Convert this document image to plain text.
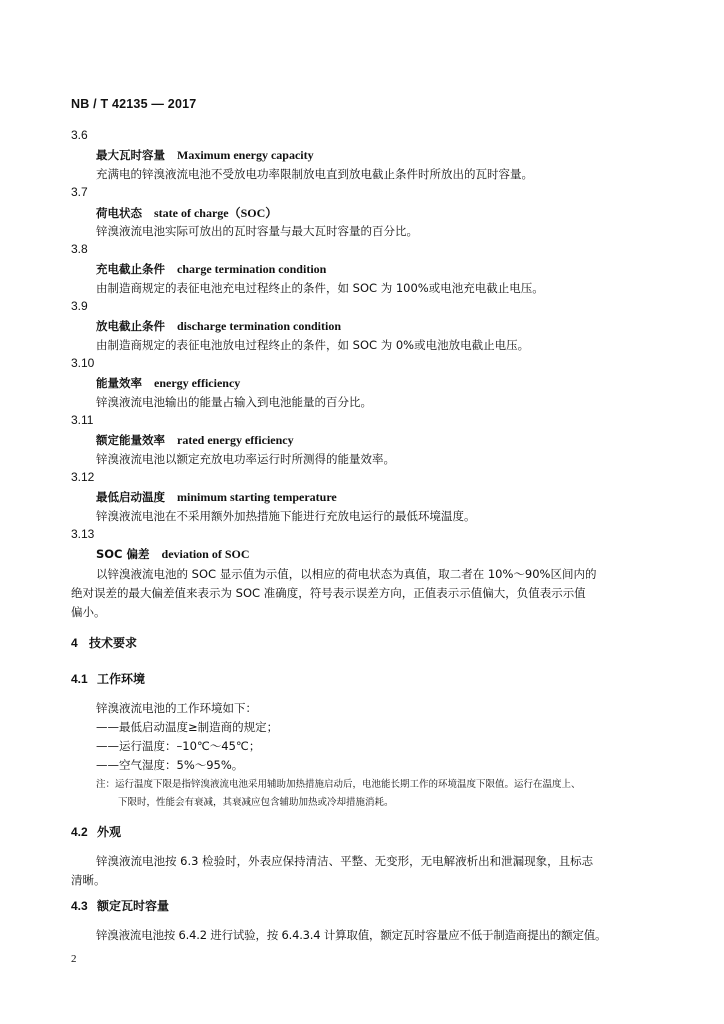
NB / T 42135 — 2017
3.6
最大瓦时容量 Maximum energy capacity
充满电的锌溴液流电池不受放电功率限制放电直到放电截止条件时所放出的瓦时容量。
3.7
荷电状态 state of charge（SOC）
锌溴液流电池实际可放出的瓦时容量与最大瓦时容量的百分比。
3.8
充电截止条件 charge termination condition
由制造商规定的表征电池充电过程终止的条件，如 SOC 为 100%或电池充电截止电压。
3.9
放电截止条件 discharge termination condition
由制造商规定的表征电池放电过程终止的条件，如 SOC 为 0%或电池放电截止电压。
3.10
能量效率 energy efficiency
锌溴液流电池输出的能量占输入到电池能量的百分比。
3.11
额定能量效率 rated energy efficiency
锌溴液流电池以额定充放电功率运行时所测得的能量效率。
3.12
最低启动温度 minimum starting temperature
锌溴液流电池在不采用额外加热措施下能进行充放电运行的最低环境温度。
3.13
SOC 偏差 deviation of SOC
以锌溴液流电池的 SOC 显示值为示值，以相应的荷电状态为真值，取二者在 10%～90%区间内的
绝对误差的最大偏差值来表示为 SOC 准确度，符号表示误差方向，正值表示示值偏大，负值表示示值
偏小。
4 技术要求
4.1 工作环境
锌溴液流电池的工作环境如下：
——最低启动温度≥制造商的规定；
——运行温度：–10℃～45℃；
——空气湿度：5%～95%。
注：运行温度下限是指锌溴液流电池采用辅助加热措施启动后，电池能长期工作的环境温度下限值。运行在温度上、
下限时，性能会有衰减，其衰减应包含辅助加热或冷却措施消耗。
4.2 外观
锌溴液流电池按 6.3 检验时，外表应保持清洁、平整、无变形，无电解液析出和泄漏现象，且标志
清晰。
4.3 额定瓦时容量
锌溴液流电池按 6.4.2 进行试验，按 6.4.3.4 计算取值，额定瓦时容量应不低于制造商提出的额定值。
2
